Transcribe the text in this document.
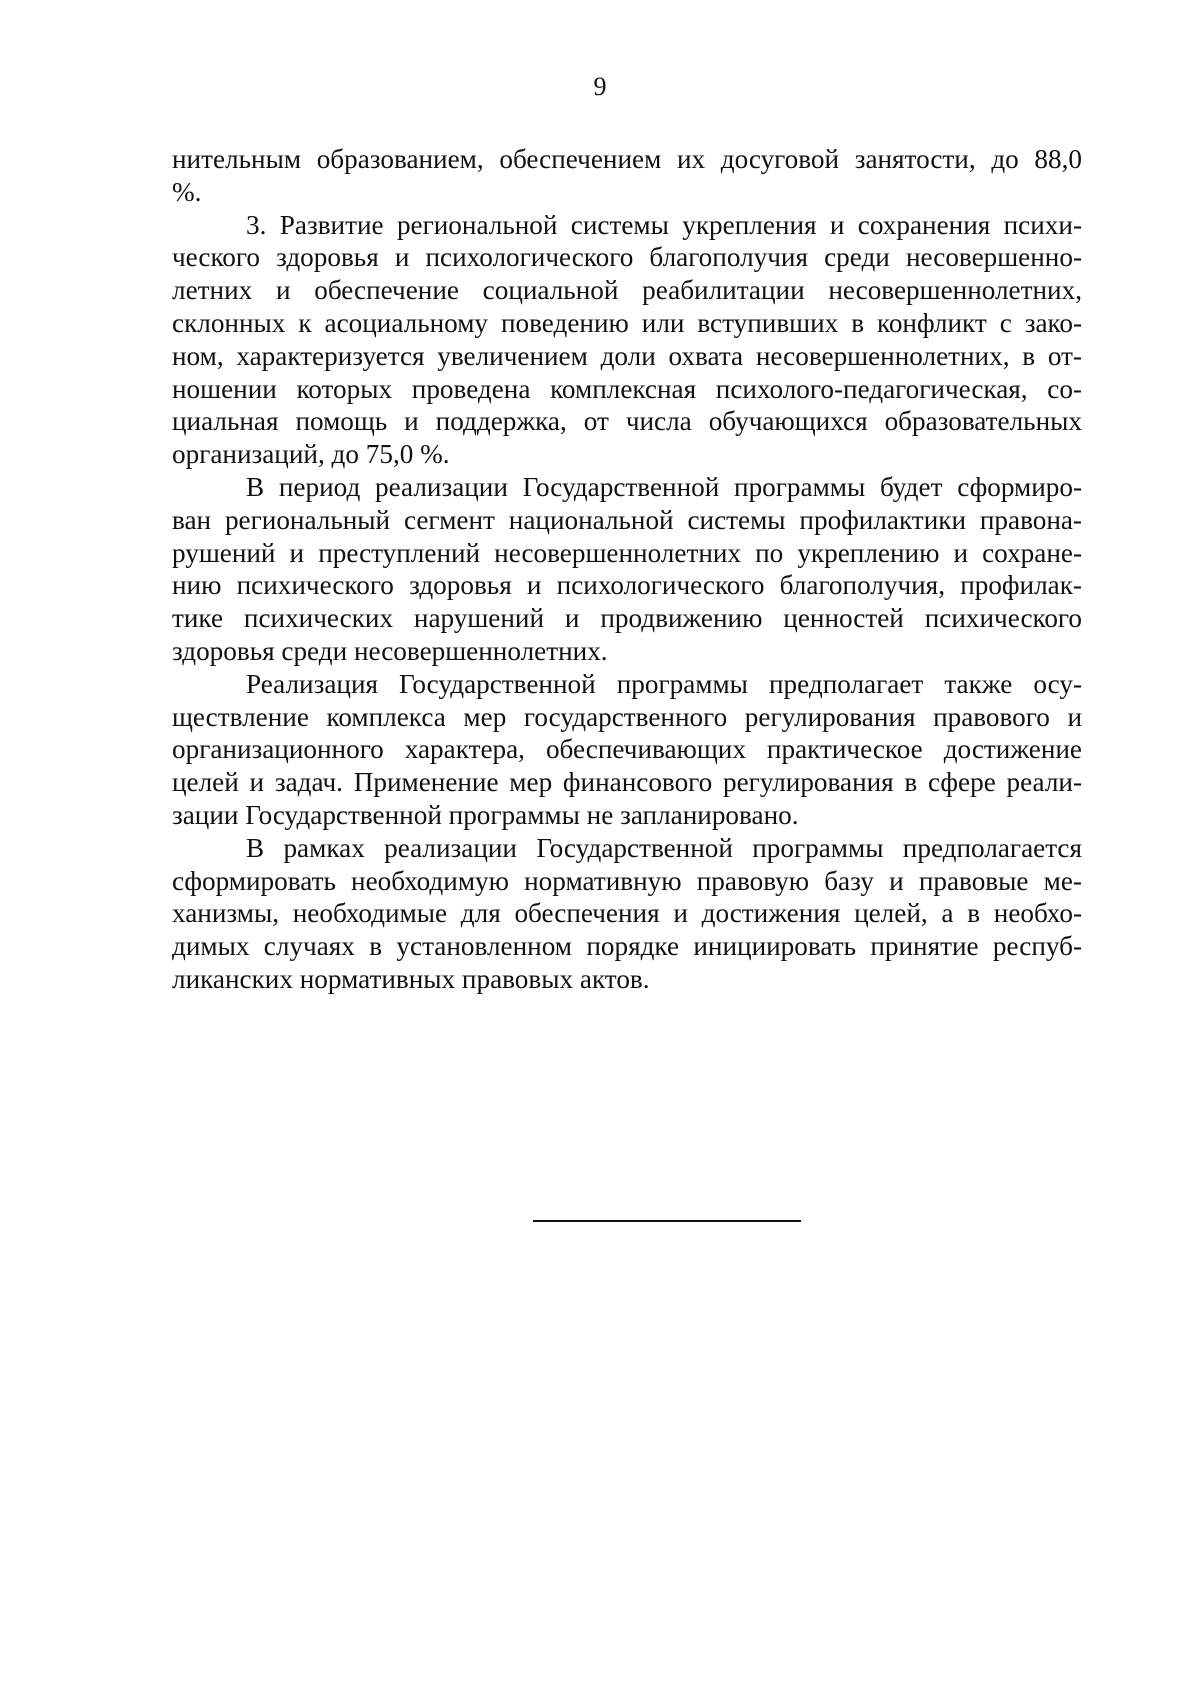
9
нительным образованием, обеспечением их досуговой занятости, до 88,0
%.
3. Развитие региональной системы укрепления и сохранения психи-
ческого здоровья и психологического благополучия среди несовершенно-
летних и обеспечение социальной реабилитации несовершеннолетних,
склонных к асоциальному поведению или вступивших в конфликт с зако-
ном, характеризуется увеличением доли охвата несовершеннолетних, в от-
ношении которых проведена комплексная психолого-педагогическая, со-
циальная помощь и поддержка, от числа обучающихся образовательных
организаций, до 75,0 %.
В период реализации Государственной программы будет сформиро-
ван региональный сегмент национальной системы профилактики правона-
рушений и преступлений несовершеннолетних по укреплению и сохране-
нию психического здоровья и психологического благополучия, профилак-
тике психических нарушений и продвижению ценностей психического
здоровья среди несовершеннолетних.
Реализация Государственной программы предполагает также осу-
ществление комплекса мер государственного регулирования правового и
организационного характера, обеспечивающих практическое достижение
целей и задач. Применение мер финансового регулирования в сфере реали-
зации Государственной программы не запланировано.
В рамках реализации Государственной программы предполагается
сформировать необходимую нормативную правовую базу и правовые ме-
ханизмы, необходимые для обеспечения и достижения целей, а в необхо-
димых случаях в установленном порядке инициировать принятие респуб-
ликанских нормативных правовых актов.
